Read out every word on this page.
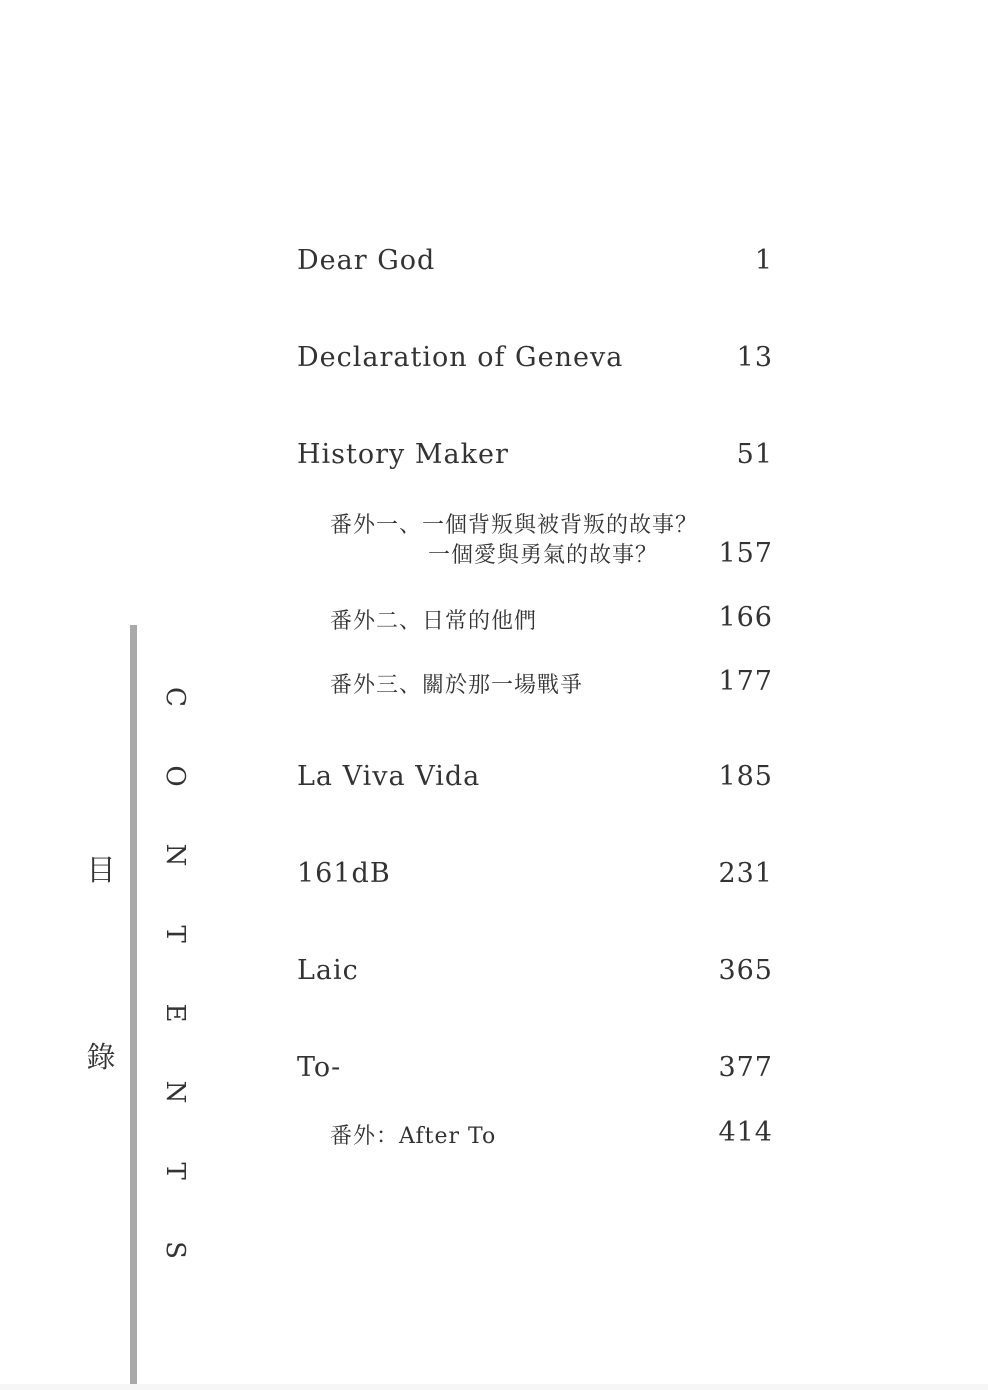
目
錄
C
O
N
T
E
N
T
S
Dear God	1
Declaration of Geneva	13
History Maker	51
番外一、一個背叛與被背叛的故事？
一個愛與勇氣的故事？ 157
番外二、日常的他們	166
番外三、關於那一場戰爭	177
La Viva Vida	185
161dB	231
Laic	365
To-	377
番外：After To	414
